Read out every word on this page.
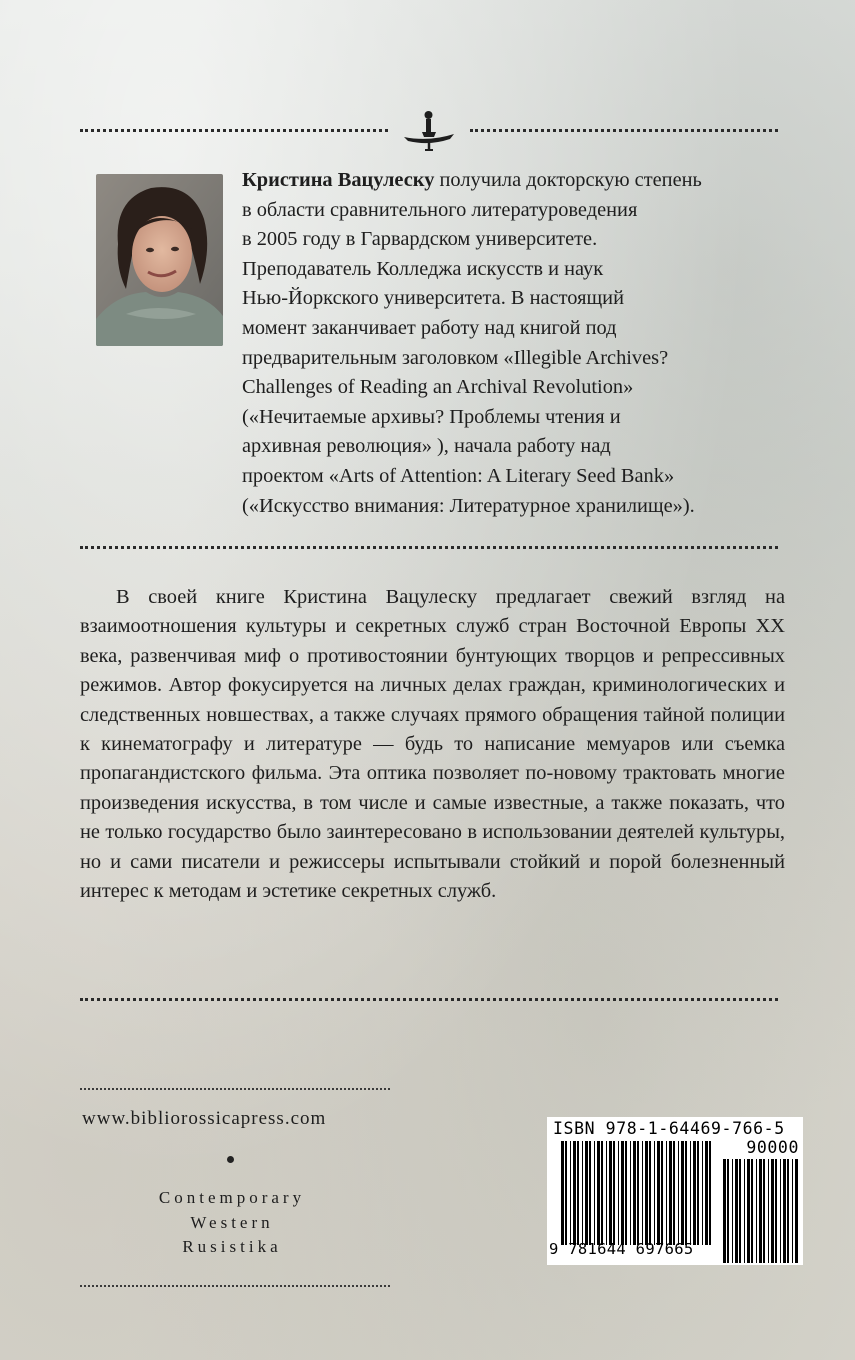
Кристина Вацулеску получила докторскую степень

в области сравнительного литературоведения

в 2005 году в Гарвардском университете.

Преподаватель Колледжа искусств и наук

Нью-Йоркского университета. В настоящий

момент заканчивает работу над книгой под

предварительным заголовком «Illegible Archives?

Challenges of Reading an Archival Revolution»

(«Нечитаемые архивы? Проблемы чтения и

архивная революция» ), начала работу над

проектом «Arts of Attention: A Literary Seed Bank»

(«Искусство внимания: Литературное хранилище»).

В своей книге Кристина Вацулеску предлагает свежий взгляд на взаимоотношения культуры и секретных служб стран Восточной Европы XX века, развенчивая миф о противостоянии бунтующих творцов и репрессивных режимов. Автор фокусируется на личных делах граждан, криминологических и следственных новшествах, а также случаях прямого обращения тайной полиции к кинематографу и литературе — будь то написание мемуаров или съемка пропагандистского фильма. Эта оптика позволяет по-новому трактовать многие произведения искусства, в том числе и самые известные, а также показать, что не только государство было заинтересовано в использовании деятелей культуры, но и сами писатели и режиссеры испытывали стойкий и порой болезненный интерес к методам и эстетике секретных служб.

www.bibliorossicapress.com
Contemporary
Western
Rusistika
ISBN 978-1-64469-766-5
90000
9 781644 697665
